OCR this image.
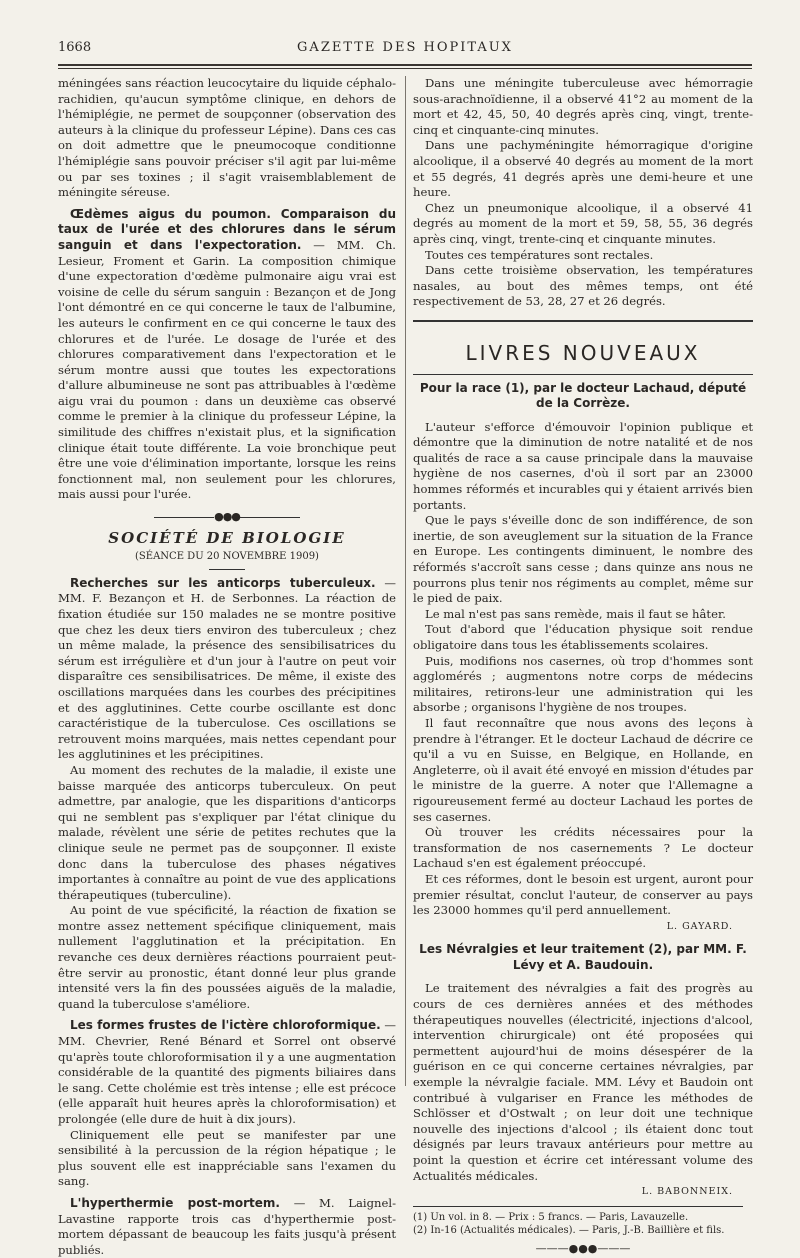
1668	GAZETTE DES HOPITAUX

méningées sans réaction leucocytaire du liquide céphalo-rachidien, qu'aucun symptôme clinique, en dehors de l'hémiplégie, ne permet de soupçonner (observation des auteurs à la clinique du professeur Lépine). Dans ces cas on doit admettre que le pneumocoque conditionne l'hémiplégie sans pouvoir préciser s'il agit par lui-même ou par ses toxines ; il s'agit vraisemblablement de méningite séreuse.

Œdèmes aigus du poumon. Comparaison du taux de l'urée et des chlorures dans le sérum sanguin et dans l'expectoration. — MM. Ch. Lesieur, Froment et Garin. La composition chimique d'une expectoration d'œdème pulmonaire aigu vrai est voisine de celle du sérum sanguin : Bezançon et de Jong l'ont démontré en ce qui concerne le taux de l'albumine, les auteurs le confirment en ce qui concerne le taux des chlorures et de l'urée. Le dosage de l'urée et des chlorures comparativement dans l'expectoration et le sérum montre aussi que toutes les expectorations d'allure albumineuse ne sont pas attribuables à l'œdème aigu vrai du poumon : dans un deuxième cas observé comme le premier à la clinique du professeur Lépine, la similitude des chiffres n'existait plus, et la signification clinique était toute différente. La voie bronchique peut être une voie d'élimination importante, lorsque les reins fonctionnent mal, non seulement pour les chlorures, mais aussi pour l'urée.

●●●
SOCIÉTÉ DE BIOLOGIE
(SÉANCE DU 20 NOVEMBRE 1909)

Recherches sur les anticorps tuberculeux. — MM. F. Bezançon et H. de Serbonnes. La réaction de fixation étudiée sur 150 malades ne se montre positive que chez les deux tiers environ des tuberculeux ; chez un même malade, la présence des sensibilisatrices du sérum est irrégulière et d'un jour à l'autre on peut voir disparaître ces sensibilisatrices. De même, il existe des oscillations marquées dans les courbes des précipitines et des agglutinines. Cette courbe oscillante est donc caractéristique de la tuberculose. Ces oscillations se retrouvent moins marquées, mais nettes cependant pour les agglutinines et les précipitines.

Au moment des rechutes de la maladie, il existe une baisse marquée des anticorps tuberculeux. On peut admettre, par analogie, que les disparitions d'anticorps qui ne semblent pas s'expliquer par l'état clinique du malade, révèlent une série de petites rechutes que la clinique seule ne permet pas de soupçonner. Il existe donc dans la tuberculose des phases négatives importantes à connaître au point de vue des applications thérapeutiques (tuberculine).

Au point de vue spécificité, la réaction de fixation se montre assez nettement spécifique cliniquement, mais nullement l'agglutination et la précipitation. En revanche ces deux dernières réactions pourraient peut-être servir au pronostic, étant donné leur plus grande intensité vers la fin des poussées aiguës de la maladie, quand la tuberculose s'améliore.

Les formes frustes de l'ictère chloroformique. —MM. Chevrier, René Bénard et Sorrel ont observé qu'après toute chloroformisation il y a une augmentation considérable de la quantité des pigments biliaires dans le sang. Cette cholémie est très intense ; elle est précoce (elle apparaît huit heures après la chloroformisation) et prolongée (elle dure de huit à dix jours).

Cliniquement elle peut se manifester par une sensibilité à la percussion de la région hépatique ; le plus souvent elle est inappréciable sans l'examen du sang.

L'hyperthermie post-mortem. — M. Laignel-Lavastine rapporte trois cas d'hyperthermie post-mortem dépassant de beaucoup les faits jusqu'à présent publiés.

Dans une méningite tuberculeuse avec hémorragie sous-arachnoïdienne, il a observé 41°2 au moment de la mort et 42, 45, 50, 40 degrés après cinq, vingt, trente-cinq et cinquante-cinq minutes.

Dans une pachyméningite hémorragique d'origine alcoolique, il a observé 40 degrés au moment de la mort et 55 degrés, 41 degrés après une demi-heure et une heure.

Chez un pneumonique alcoolique, il a observé 41 degrés au moment de la mort et 59, 58, 55, 36 degrés après cinq, vingt, trente-cinq et cinquante minutes.

Toutes ces températures sont rectales.

Dans cette troisième observation, les températures nasales, au bout des mêmes temps, ont été respectivement de 53, 28, 27 et 26 degrés.

LIVRES NOUVEAUX
Pour la race (1), par le docteur Lachaud, député de la Corrèze.

L'auteur s'efforce d'émouvoir l'opinion publique et démontre que la diminution de notre natalité et de nos qualités de race a sa cause principale dans la mauvaise hygiène de nos casernes, d'où il sort par an 23000 hommes réformés et incurables qui y étaient arrivés bien portants.

Que le pays s'éveille donc de son indifférence, de son inertie, de son aveuglement sur la situation de la France en Europe. Les contingents diminuent, le nombre des réformés s'accroît sans cesse ; dans quinze ans nous ne pourrons plus tenir nos régiments au complet, même sur le pied de paix.

Le mal n'est pas sans remède, mais il faut se hâter.

Tout d'abord que l'éducation physique soit rendue obligatoire dans tous les établissements scolaires.

Puis, modifions nos casernes, où trop d'hommes sont agglomérés ; augmentons notre corps de médecins militaires, retirons-leur une administration qui les absorbe ; organisons l'hygiène de nos troupes.

Il faut reconnaître que nous avons des leçons à prendre à l'étranger. Et le docteur Lachaud de décrire ce qu'il a vu en Suisse, en Belgique, en Hollande, en Angleterre, où il avait été envoyé en mission d'études par le ministre de la guerre. A noter que l'Allemagne a rigoureusement fermé au docteur Lachaud les portes de ses casernes.

Où trouver les crédits nécessaires pour la transformation de nos casernements ? Le docteur Lachaud s'en est également préoccupé.

Et ces réformes, dont le besoin est urgent, auront pour premier résultat, conclut l'auteur, de conserver au pays les 23000 hommes qu'il perd annuellement.

L. GAYARD.
Les Névralgies et leur traitement (2), par MM. F. Lévy et A. Baudouin.

Le traitement des névralgies a fait des progrès au cours de ces dernières années et des méthodes thérapeutiques nouvelles (électricité, injections d'alcool, intervention chirurgicale) ont été proposées qui permettent aujourd'hui de moins désespérer de la guérison en ce qui concerne certaines névralgies, par exemple la névralgie faciale. MM. Lévy et Baudoin ont contribué à vulgariser en France les méthodes de Schlösser et d'Ostwalt ; on leur doit une technique nouvelle des injections d'alcool ; ils étaient donc tout désignés par leurs travaux antérieurs pour mettre au point la question et écrire cet intéressant volume des Actualités médicales.

L. BABONNEIX.
(1) Un vol. in 8. — Prix : 5 francs. — Paris, Lavauzelle.
(2) In-16 (Actualités médicales). — Paris, J.-B. Baillière et fils.
———●●●———
